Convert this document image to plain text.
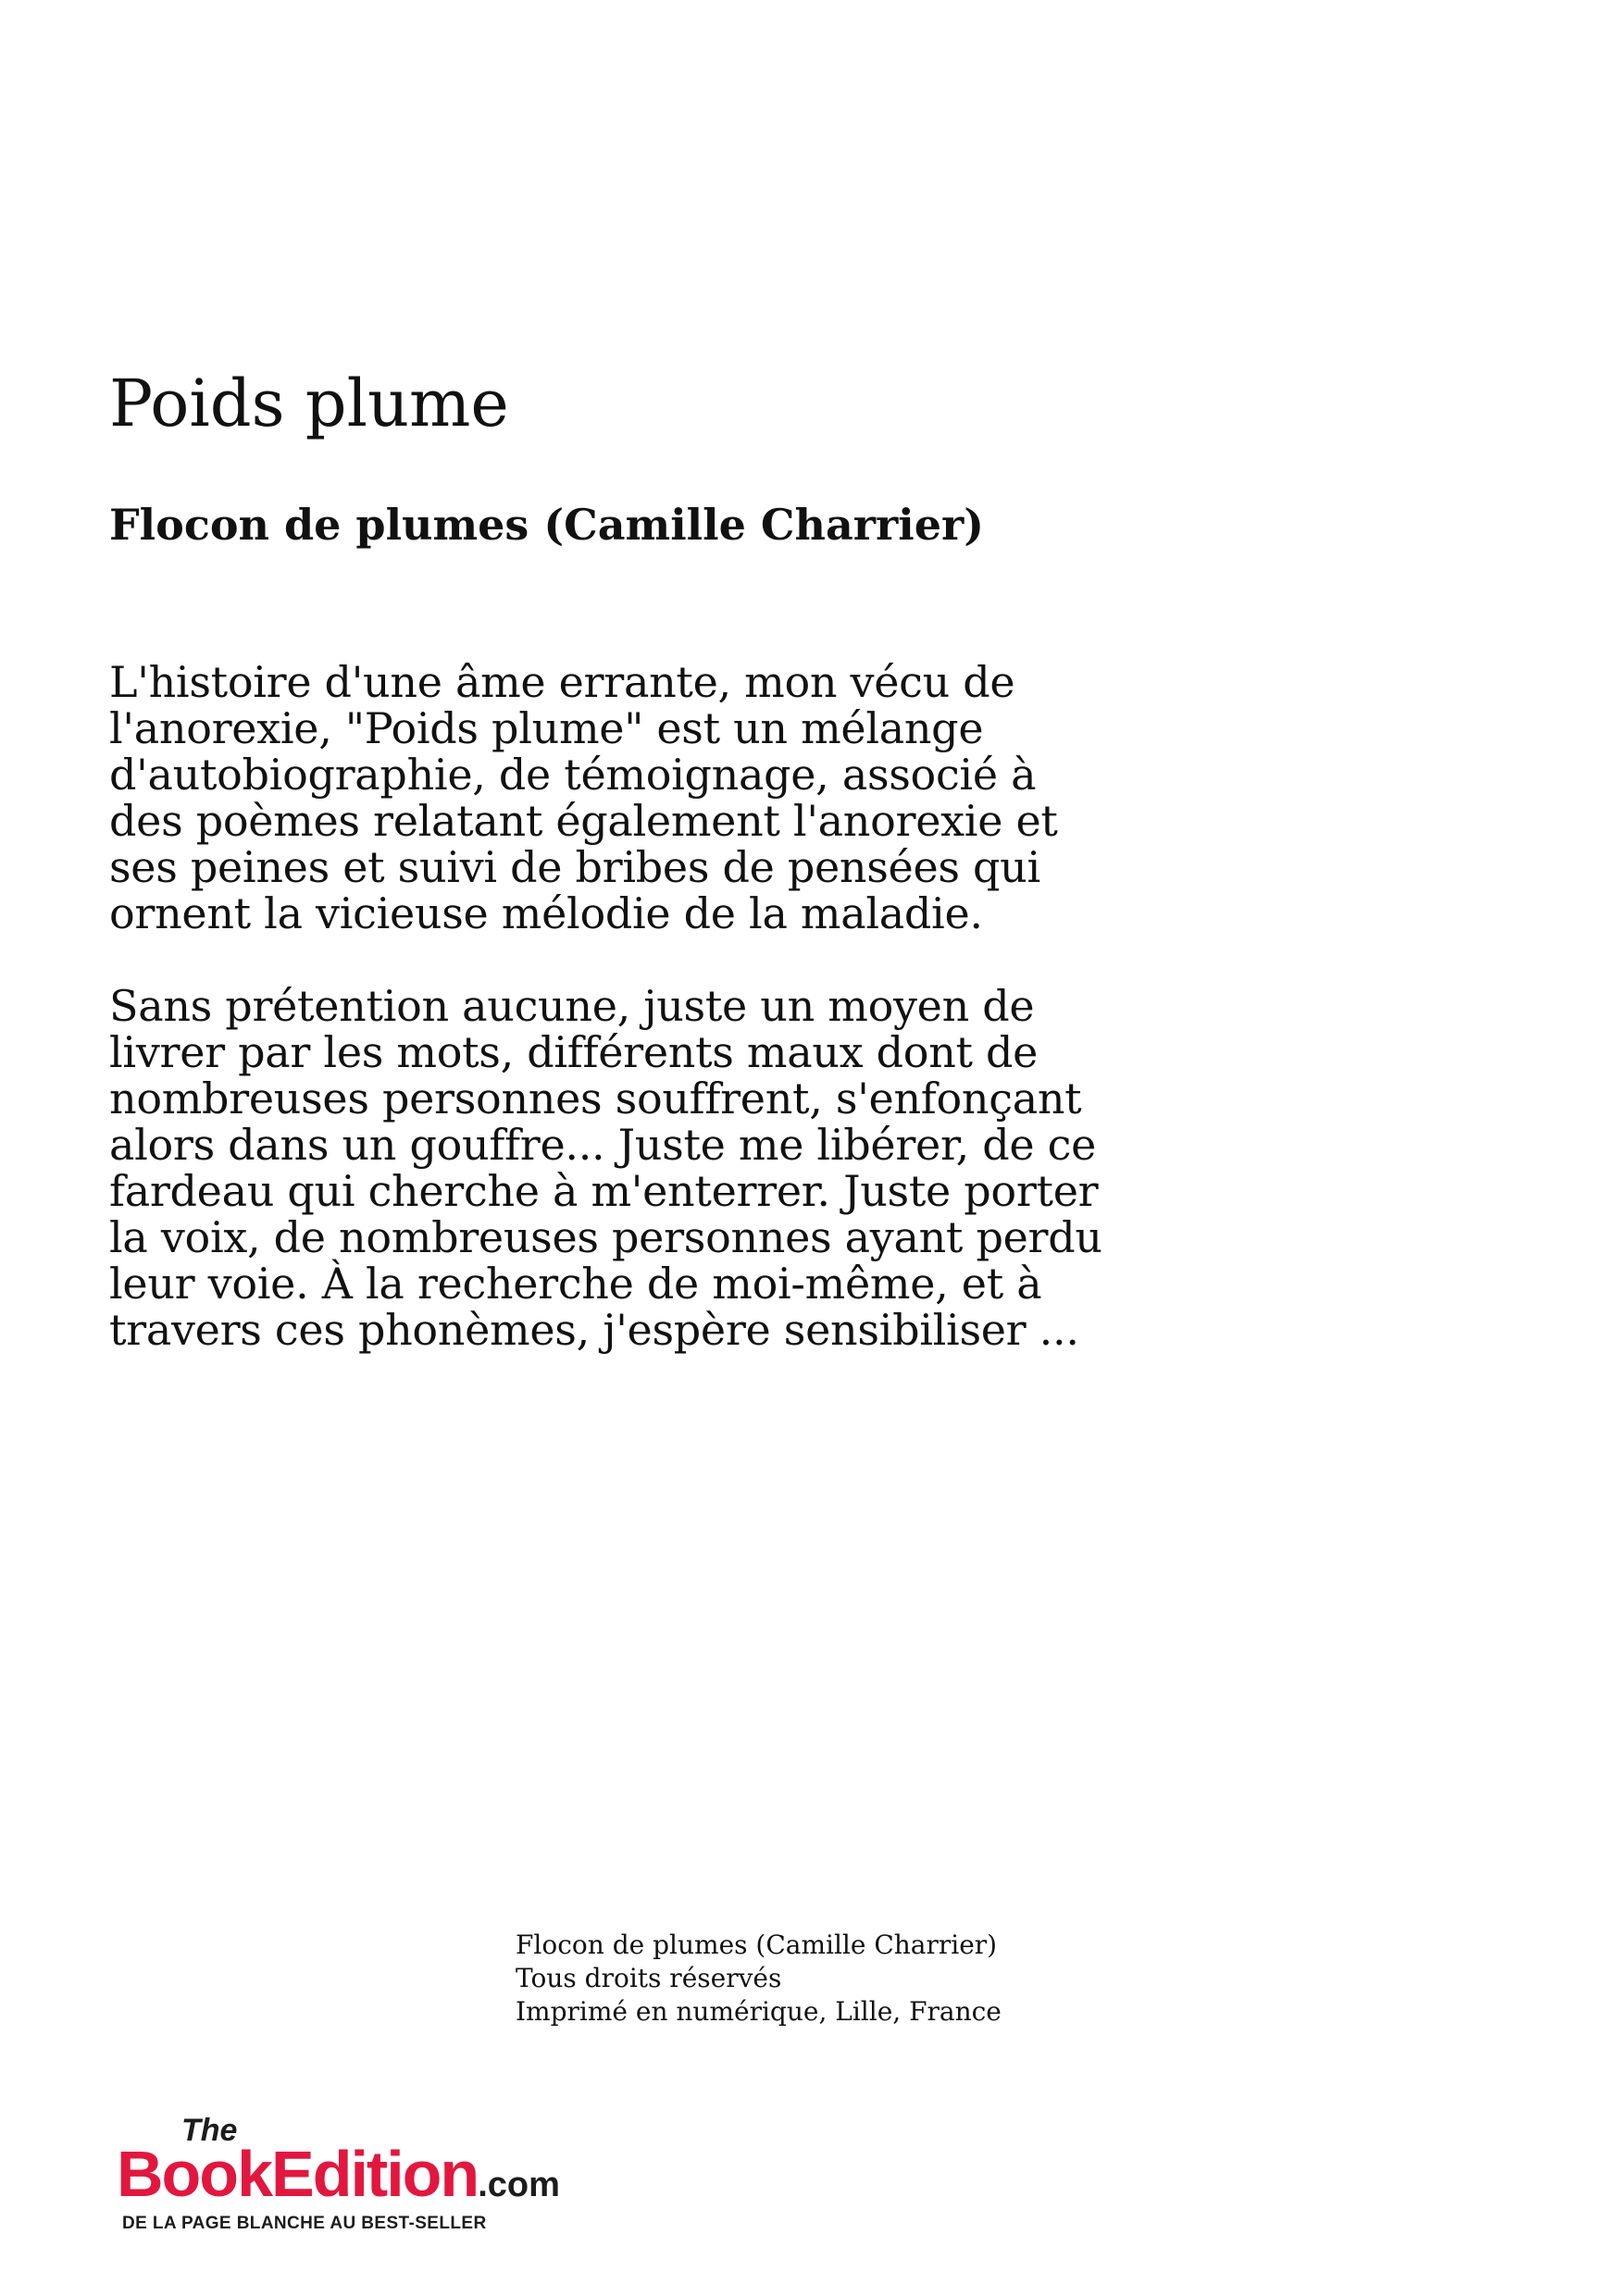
Poids plume
Flocon de plumes (Camille Charrier)

L'histoire d'une âme errante, mon vécu de
l'anorexie, "Poids plume" est un mélange
d'autobiographie, de témoignage, associé à
des poèmes relatant également l'anorexie et
ses peines et suivi de bribes de pensées qui
ornent la vicieuse mélodie de la maladie.

Sans prétention aucune, juste un moyen de
livrer par les mots, différents maux dont de
nombreuses personnes souffrent, s'enfonçant
alors dans un gouffre... Juste me libérer, de ce
fardeau qui cherche à m'enterrer. Juste porter
la voix, de nombreuses personnes ayant perdu
leur voie. À la recherche de moi-même, et à
travers ces phonèmes, j'espère sensibiliser ...

Flocon de plumes (Camille Charrier)
Tous droits réservés
Imprimé en numérique, Lille, France
The
BookEdition.com
DE LA PAGE BLANCHE AU BEST-SELLER
